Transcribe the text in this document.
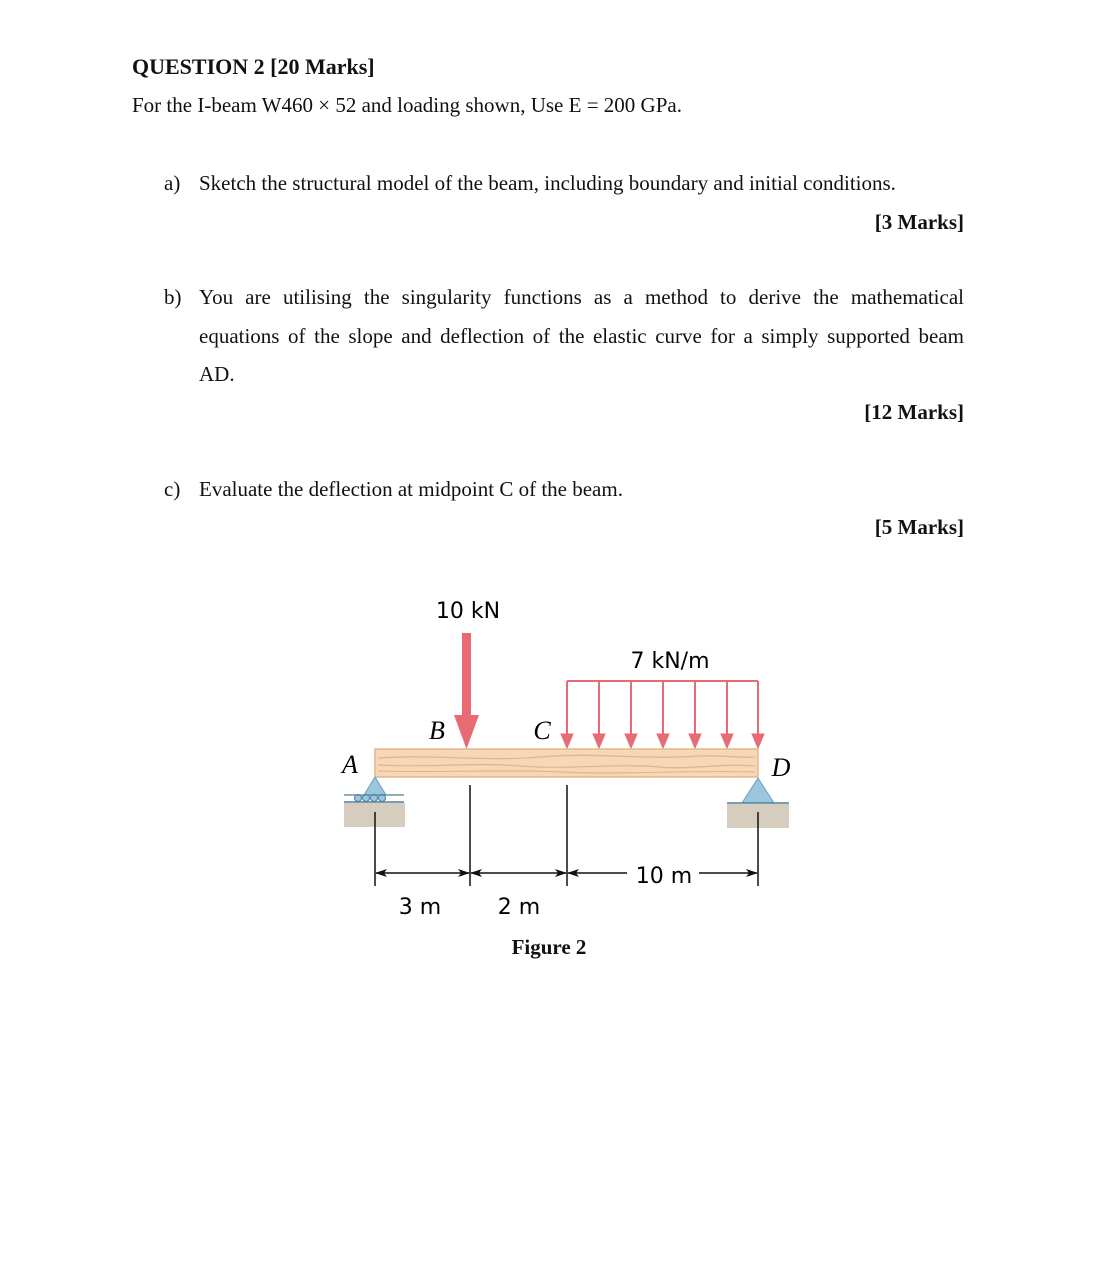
QUESTION 2 [20 Marks]
For the I-beam W460 × 52 and loading shown, Use E = 200 GPa.
a) Sketch the structural model of the beam, including boundary and initial conditions.
[3 Marks]
b) You are utilising the singularity functions as a method to derive the mathematical
equations of the slope and deflection of the elastic curve for a simply supported beam
AD.
[12 Marks]
c) Evaluate the deflection at midpoint C of the beam.
[5 Marks]
10 kN
7 kN/m
A
B	C
D
10 m
3 m	2 m
Figure 2
